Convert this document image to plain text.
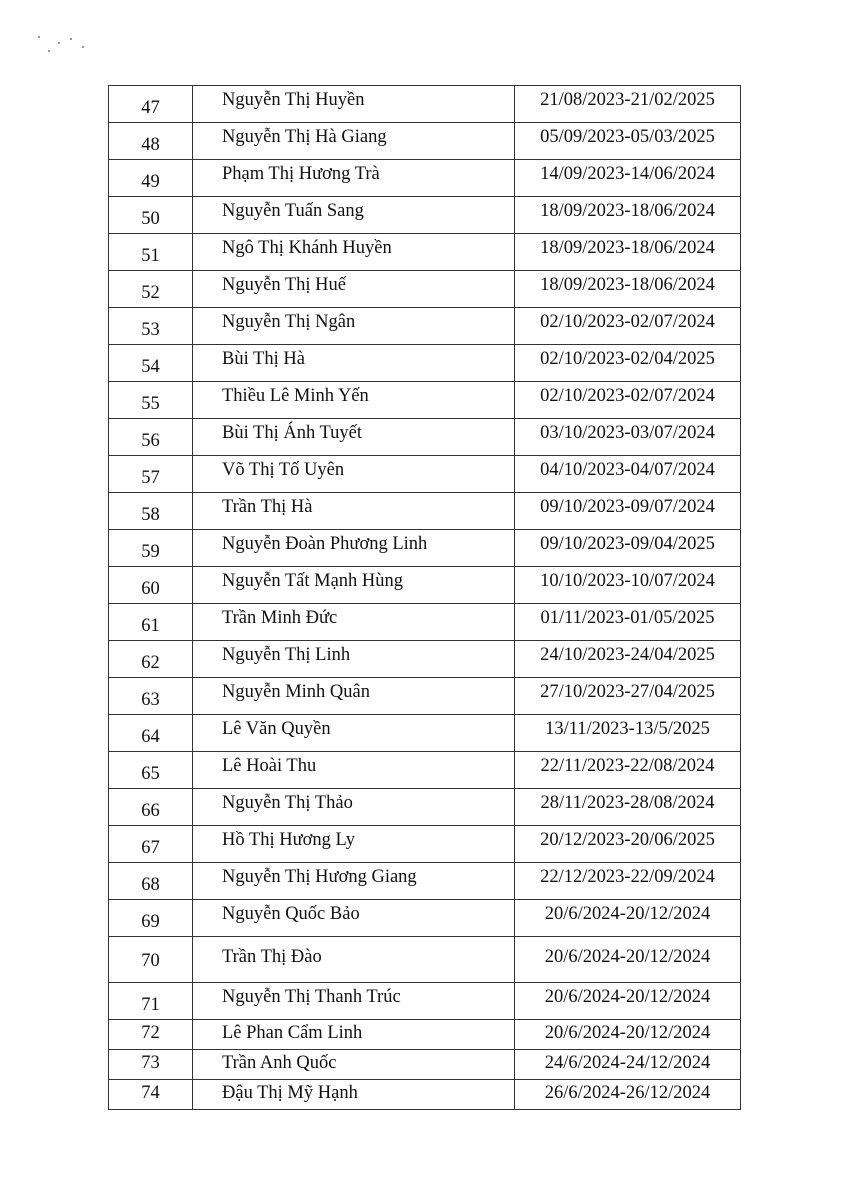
47	Nguyễn Thị Huyền	21/08/2023-21/02/2025
48	Nguyễn Thị Hà Giang	05/09/2023-05/03/2025
49	Phạm Thị Hương Trà	14/09/2023-14/06/2024
50	Nguyễn Tuấn Sang	18/09/2023-18/06/2024
51	Ngô Thị Khánh Huyền	18/09/2023-18/06/2024
52	Nguyễn Thị Huế	18/09/2023-18/06/2024
53	Nguyễn Thị Ngân	02/10/2023-02/07/2024
54	Bùi Thị Hà	02/10/2023-02/04/2025
55	Thiều Lê Minh Yến	02/10/2023-02/07/2024
56	Bùi Thị Ánh Tuyết	03/10/2023-03/07/2024
57	Võ Thị Tố Uyên	04/10/2023-04/07/2024
58	Trần Thị Hà	09/10/2023-09/07/2024
59	Nguyễn Đoàn Phương Linh	09/10/2023-09/04/2025
60	Nguyễn Tất Mạnh Hùng	10/10/2023-10/07/2024
61	Trần Minh Đức	01/11/2023-01/05/2025
62	Nguyễn Thị Linh	24/10/2023-24/04/2025
63	Nguyễn Minh Quân	27/10/2023-27/04/2025
64	Lê Văn Quyền	13/11/2023-13/5/2025
65	Lê Hoài Thu	22/11/2023-22/08/2024
66	Nguyễn Thị Thảo	28/11/2023-28/08/2024
67	Hồ Thị Hương Ly	20/12/2023-20/06/2025
68	Nguyễn Thị Hương Giang	22/12/2023-22/09/2024
69	Nguyễn Quốc Bảo	20/6/2024-20/12/2024
70	Trần Thị Đào	20/6/2024-20/12/2024
71	Nguyễn Thị Thanh Trúc	20/6/2024-20/12/2024
72	Lê Phan Cẩm Linh	20/6/2024-20/12/2024
73	Trần Anh Quốc	24/6/2024-24/12/2024
74	Đậu Thị Mỹ Hạnh	26/6/2024-26/12/2024
